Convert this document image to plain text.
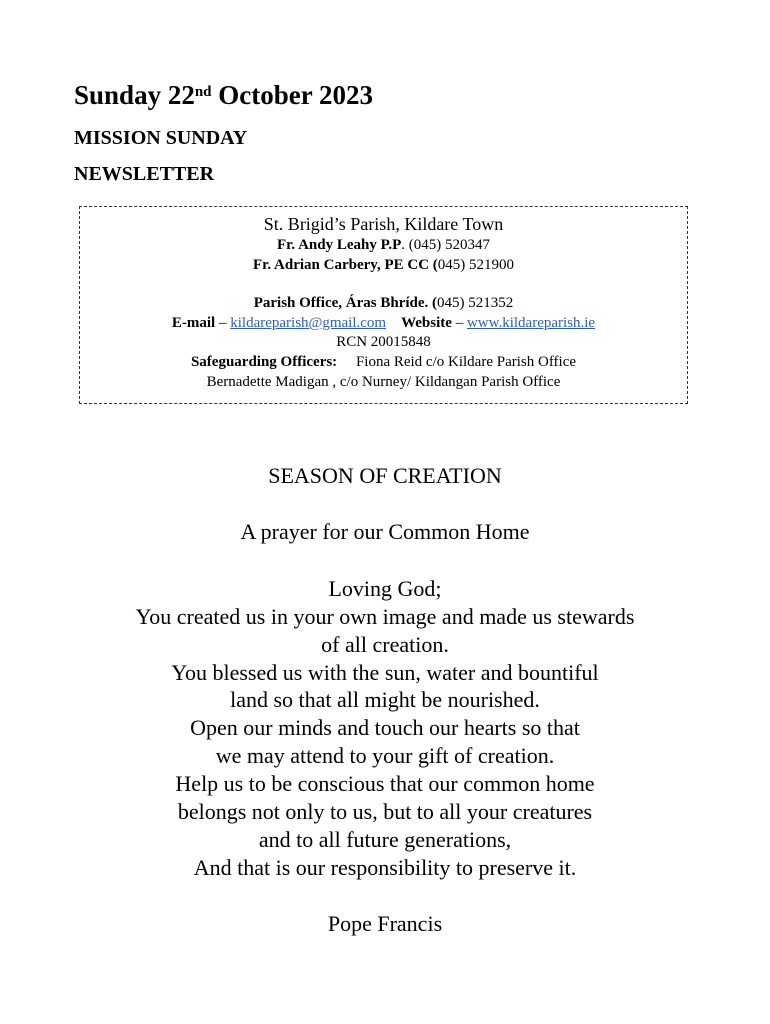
Sunday 22nd October 2023
MISSION SUNDAY
NEWSLETTER
St. Brigid’s Parish, Kildare Town
Fr. Andy Leahy P.P. (045) 520347
Fr. Adrian Carbery, PE CC (045) 521900
Parish Office, Áras Bhríde. (045) 521352
E-mail – kildareparish@gmail.com Website – www.kildareparish.ie
RCN 20015848
Safeguarding Officers: Fiona Reid c/o Kildare Parish Office
Bernadette Madigan , c/o Nurney/ Kildangan Parish Office
SEASON OF CREATION
A prayer for our Common Home
Loving God;
You created us in your own image and made us stewards
of all creation.
You blessed us with the sun, water and bountiful
land so that all might be nourished.
Open our minds and touch our hearts so that
we may attend to your gift of creation.
Help us to be conscious that our common home
belongs not only to us, but to all your creatures
and to all future generations,
And that is our responsibility to preserve it.
Pope Francis
